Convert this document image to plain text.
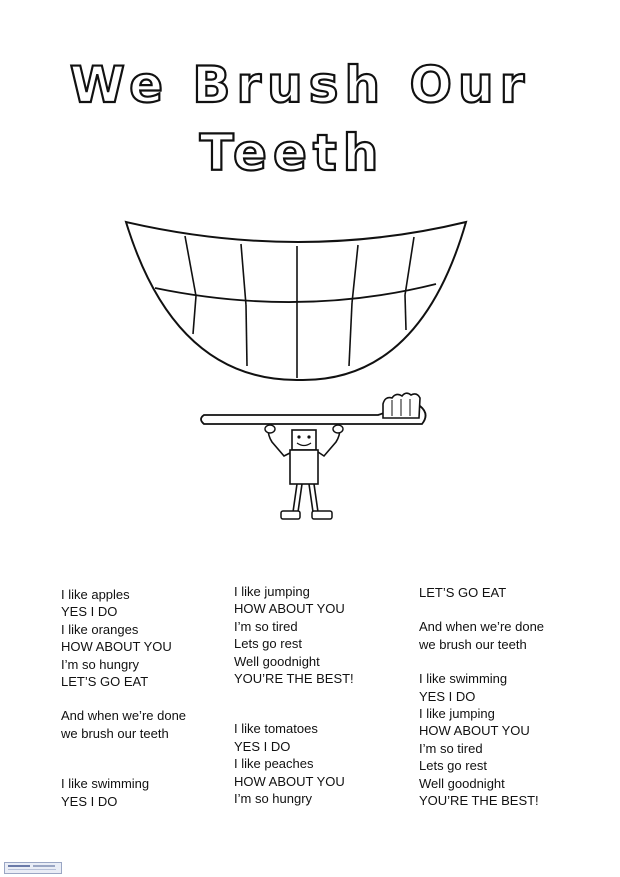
We Brush Our
Teeth
I like apples
YES I DO
I like oranges
HOW ABOUT YOU
I’m so hungry
LET’S GO EAT
And when we’re done
we brush our teeth
I like swimming
YES I DO
I like jumping
HOW ABOUT YOU
I’m so tired
Lets go rest
Well goodnight
YOU’RE THE BEST!
I like tomatoes
YES I DO
I like peaches
HOW ABOUT YOU
I’m so hungry
LET’S GO EAT
And when we’re done
we brush our teeth
I like swimming
YES I DO
I like jumping
HOW ABOUT YOU
I’m so tired
Lets go rest
Well goodnight
YOU’RE THE BEST!
